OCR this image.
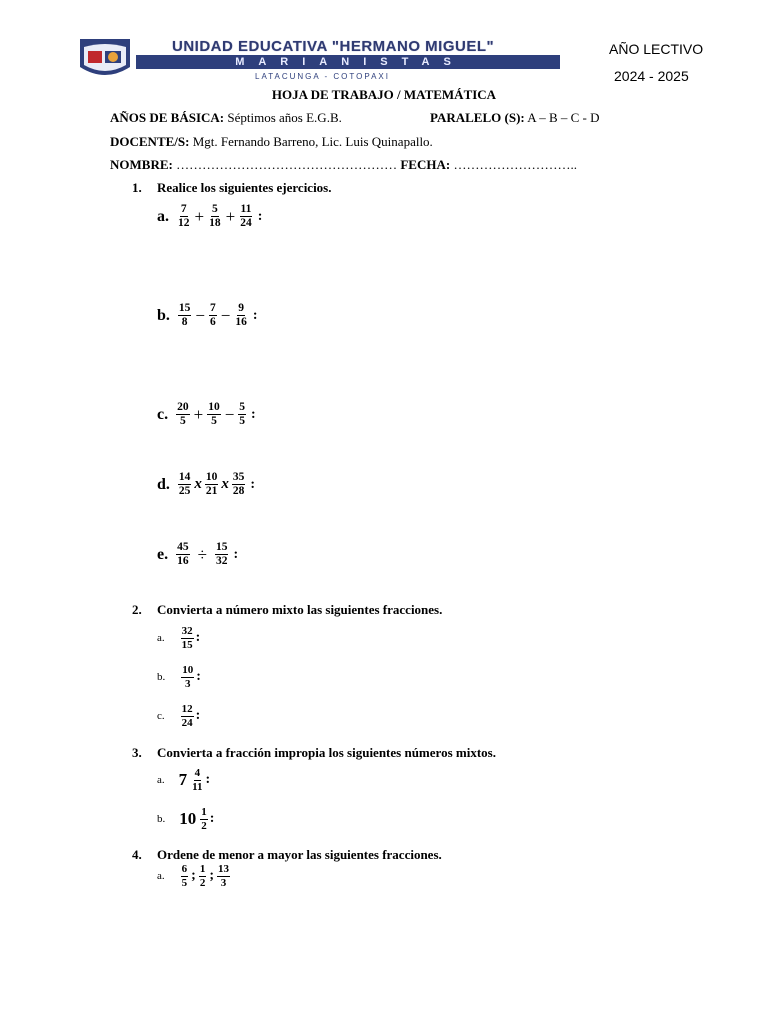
UNIDAD EDUCATIVA "HERMANO MIGUEL"
MARIANISTAS
LATACUNGA - COTOPAXI
AÑO LECTIVO
2024 - 2025
HOJA DE TRABAJO / MATEMÁTICA
AÑOS DE BÁSICA: Séptimos años E.G.B.	PARALELO (S): A – B – C - D
DOCENTE/S: Mgt. Fernando Barreno, Lic. Luis Quinapallo.
NOMBRE: …………………………………………… FECHA: ………………………..
1. Realice los siguientes ejercicios.
a. $\frac{7}{12} + \frac{5}{18} + \frac{11}{24}$ :
b. $\frac{15}{8} - \frac{7}{6} - \frac{9}{16}$ :
c. $\frac{20}{5} + \frac{10}{5} - \frac{5}{5}$ :
d. $\frac{14}{25}$ x $\frac{10}{21}$ x $\frac{35}{28}$ :
e. $\frac{45}{16} \div \frac{15}{32}$ :
2. Convierta a número mixto las siguientes fracciones.
a. $\frac{32}{15}$ :
b. $\frac{10}{3}$ :
c. $\frac{12}{24}$ :
3. Convierta a fracción impropia los siguientes números mixtos.
a. $7 \frac{4}{11}$ :
b. $10 \frac{1}{2}$ :
4. Ordene de menor a mayor las siguientes fracciones.
a. $\frac{6}{5}$ ; $\frac{1}{2}$ ; $\frac{13}{3}$
